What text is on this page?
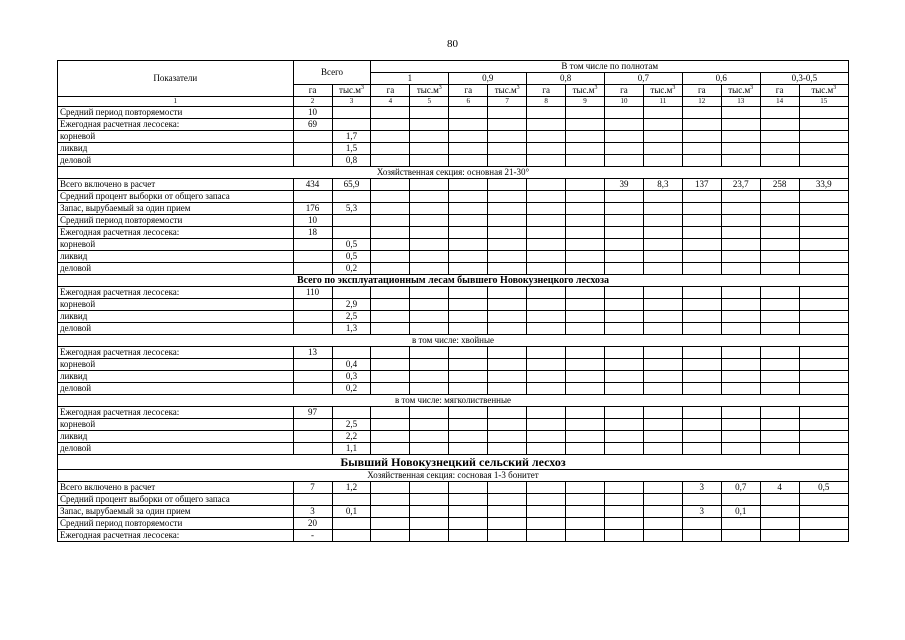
80
Показатели	Всего		В том числе по полнотам											
			1		0,9		0,8		0,7		0,6		0,3-0,5	
	га	$тыс.м^3$	га	$тыс.м^3$	га	$тыс.м^3$	га	$тыс.м^3$	га	$тыс.м^3$	га	$тыс.м^3$	га	$тыс.м^3$
1	2	3	4	5	6	7	8	9	10	11	12	13	14	15
Средний период повторяемости	10													
Ежегодная расчетная лесосека:	69													
корневой		1,7												
ликвид		1,5												
деловой		0,8												
Хозяйственная секция: основная 21-30°														
Всего включено в расчет	434	65,9							39	8,3	137	23,7	258	33,9
Средний процент выборки от общего запаса														
Запас, вырубаемый за один прием	176	5,3												
Средний период повторяемости	10													
Ежегодная расчетная лесосека:	18													
корневой		0,5												
ликвид		0,5												
деловой		0,2												
Всего по эксплуатационным лесам бывшего Новокузнецкого лесхоза														
Ежегодная расчетная лесосека:	110													
корневой		2,9												
ликвид		2,5												
деловой		1,3												
в том числе: хвойные														
Ежегодная расчетная лесосека:	13													
корневой		0,4												
ликвид		0,3												
деловой		0,2												
в том числе: мягколиственные														
Ежегодная расчетная лесосека:	97													
корневой		2,5												
ликвид		2,2												
деловой		1,1												
Бывший Новокузнецкий сельский лесхоз														
Хозяйственная секция: сосновая 1-3 бонитет														
Всего включено в расчет	7	1,2									3	0,7	4	0,5
Средний процент выборки от общего запаса														
Запас, вырубаемый за один прием	3	0,1									3	0,1		
Средний период повторяемости	20													
Ежегодная расчетная лесосека:	-													
